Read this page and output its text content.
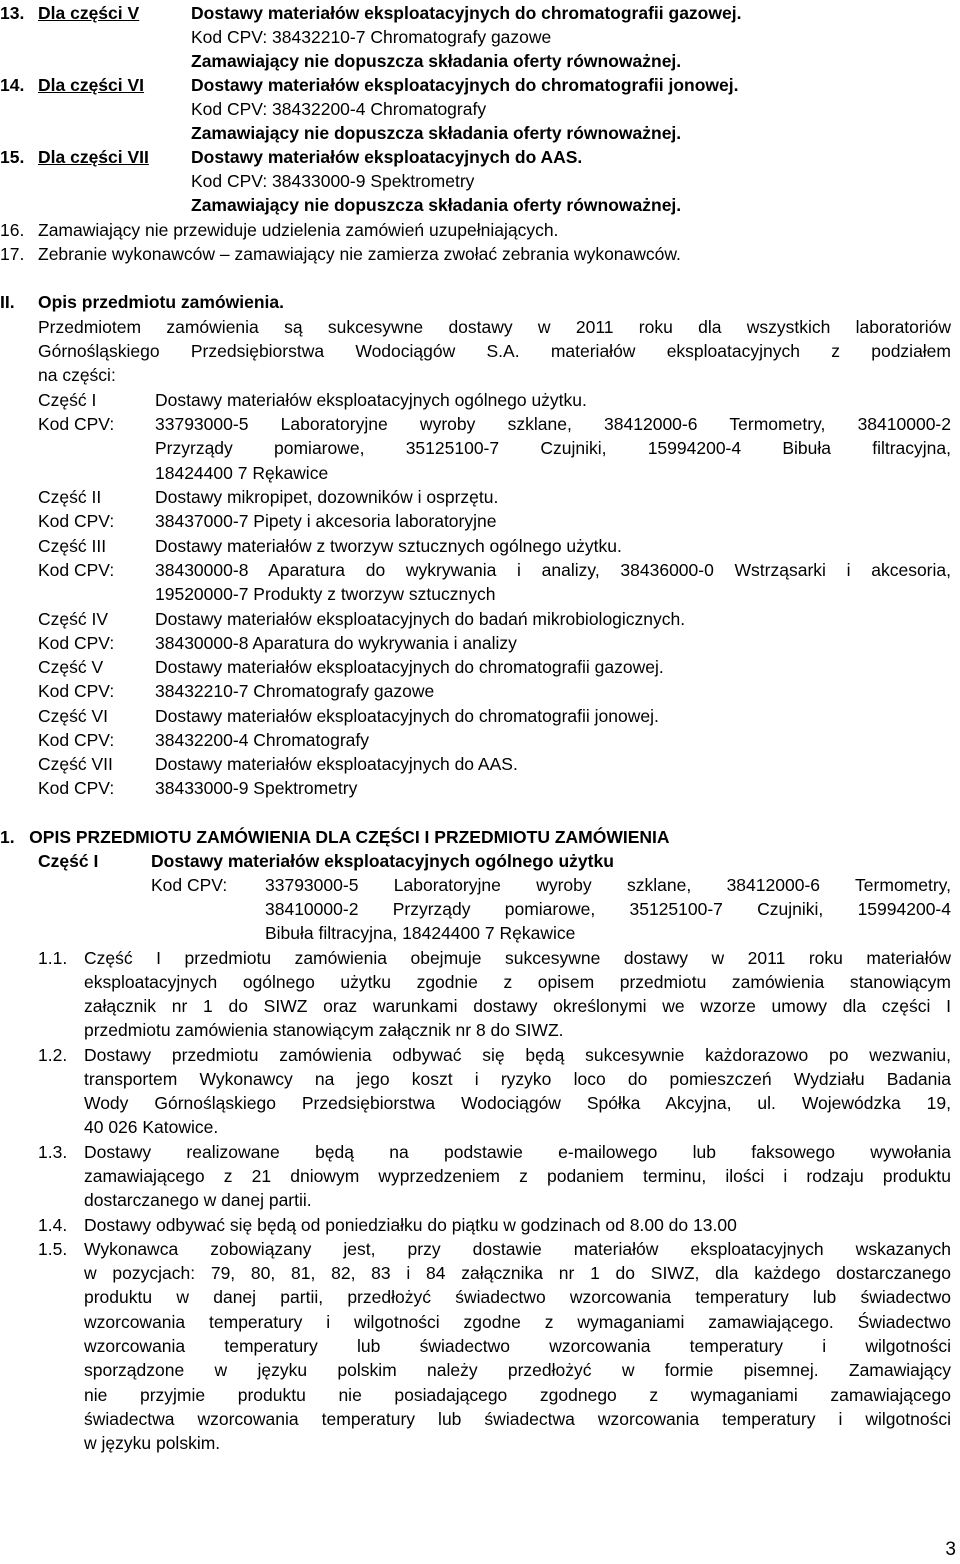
13. Dla części V	Dostawy materiałów eksploatacyjnych do chromatografii gazowej.
Kod CPV: 38432210-7 Chromatografy gazowe
Zamawiający nie dopuszcza składania oferty równoważnej.
14. Dla części VI	Dostawy materiałów eksploatacyjnych do chromatografii jonowej.
Kod CPV: 38432200-4 Chromatografy
Zamawiający nie dopuszcza składania oferty równoważnej.
15. Dla części VII Dostawy materiałów eksploatacyjnych do AAS.
Kod CPV: 38433000-9 Spektrometry
Zamawiający nie dopuszcza składania oferty równoważnej.
16. Zamawiający nie przewiduje udzielenia zamówień uzupełniających.
17. Zebranie wykonawców – zamawiający nie zamierza zwołać zebrania wykonawców.
II. Opis przedmiotu zamówienia.
Przedmiotem zamówienia są sukcesywne dostawy w 2011 roku dla wszystkich laboratoriów
Górnośląskiego Przedsiębiorstwa Wodociągów S.A. materiałów eksploatacyjnych z podziałem
na części:
Część I	Dostawy materiałów eksploatacyjnych ogólnego użytku.
Kod CPV: 33793000-5 Laboratoryjne wyroby szklane, 38412000-6 Termometry, 38410000-2
Przyrządy pomiarowe, 35125100-7 Czujniki, 15994200-4 Bibuła filtracyjna,
18424400 7 Rękawice
Część II	Dostawy mikropipet, dozowników i osprzętu.
Kod CPV: 38437000-7 Pipety i akcesoria laboratoryjne
Część III	Dostawy materiałów z tworzyw sztucznych ogólnego użytku.
Kod CPV: 38430000-8 Aparatura do wykrywania i analizy, 38436000-0 Wstrząsarki i akcesoria,
19520000-7 Produkty z tworzyw sztucznych
Część IV	Dostawy materiałów eksploatacyjnych do badań mikrobiologicznych.
Kod CPV: 38430000-8 Aparatura do wykrywania i analizy
Część V	Dostawy materiałów eksploatacyjnych do chromatografii gazowej.
Kod CPV: 38432210-7 Chromatografy gazowe
Część VI	Dostawy materiałów eksploatacyjnych do chromatografii jonowej.
Kod CPV: 38432200-4 Chromatografy
Część VII Dostawy materiałów eksploatacyjnych do AAS.
Kod CPV: 38433000-9 Spektrometry
1.   OPIS PRZEDMIOTU ZAMÓWIENIA DLA CZĘŚCI I PRZEDMIOTU ZAMÓWIENIA
Część I	Dostawy materiałów eksploatacyjnych ogólnego użytku
Kod CPV: 33793000-5 Laboratoryjne wyroby szklane, 38412000-6 Termometry,
38410000-2 Przyrządy pomiarowe, 35125100-7 Czujniki, 15994200-4
Bibuła filtracyjna, 18424400 7 Rękawice
1.1. Część I przedmiotu zamówienia obejmuje sukcesywne dostawy w 2011 roku materiałów
eksploatacyjnych ogólnego użytku zgodnie z opisem przedmiotu zamówienia stanowiącym
załącznik nr 1 do SIWZ oraz warunkami dostawy określonymi we wzorze umowy dla części I
przedmiotu zamówienia stanowiącym załącznik nr 8 do SIWZ.
1.2. Dostawy przedmiotu zamówienia odbywać się będą sukcesywnie każdorazowo po wezwaniu,
transportem Wykonawcy na jego koszt i ryzyko loco do pomieszczeń Wydziału Badania
Wody Górnośląskiego Przedsiębiorstwa Wodociągów Spółka Akcyjna, ul. Wojewódzka 19,
40 026 Katowice.
1.3. Dostawy realizowane będą na podstawie e-mailowego lub faksowego wywołania
zamawiającego z 21 dniowym wyprzedzeniem z podaniem terminu, ilości i rodzaju produktu
dostarczanego w danej partii.
1.4. Dostawy odbywać się będą od poniedziałku do piątku w godzinach od 8.00 do 13.00
1.5. Wykonawca zobowiązany jest, przy dostawie materiałów eksploatacyjnych wskazanych
w pozycjach: 79, 80, 81, 82, 83 i 84 załącznika nr 1 do SIWZ, dla każdego dostarczanego
produktu w danej partii, przedłożyć świadectwo wzorcowania temperatury lub świadectwo
wzorcowania temperatury i wilgotności zgodne z wymaganiami zamawiającego. Świadectwo
wzorcowania temperatury lub świadectwo wzorcowania temperatury i wilgotności
sporządzone w języku polskim należy przedłożyć w formie pisemnej. Zamawiający
nie przyjmie produktu nie posiadającego zgodnego z wymaganiami zamawiającego
świadectwa wzorcowania temperatury lub świadectwa wzorcowania temperatury i wilgotności
w języku polskim.
3
